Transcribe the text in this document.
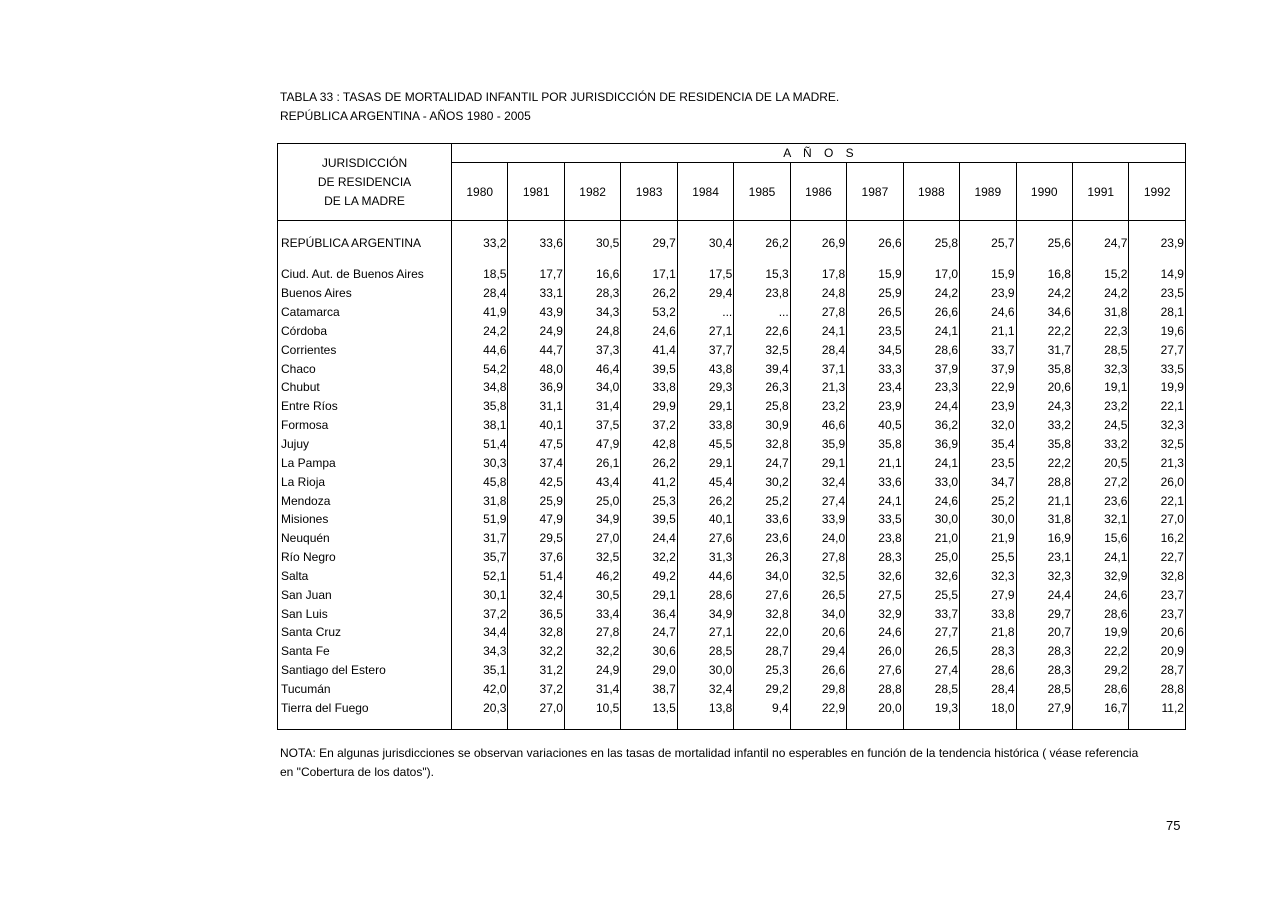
TABLA 33 : TASAS DE MORTALIDAD INFANTIL POR JURISDICCIÓN DE RESIDENCIA DE LA MADRE.
REPÚBLICA ARGENTINA - AÑOS 1980 - 2005
JURISDICCIÓN
DE RESIDENCIA
DE LA MADRE	A Ñ O S												
	1980	1981	1982	1983	1984	1985	1986	1987	1988	1989	1990	1991	1992

REPÚBLICA ARGENTINA	33,2	33,6	30,5	29,7	30,4	26,2	26,9	26,6	25,8	25,7	25,6	24,7	23,9

Ciud. Aut. de Buenos Aires	18,5	17,7	16,6	17,1	17,5	15,3	17,8	15,9	17,0	15,9	16,8	15,2	14,9
Buenos Aires	28,4	33,1	28,3	26,2	29,4	23,8	24,8	25,9	24,2	23,9	24,2	24,2	23,5
Catamarca	41,9	43,9	34,3	53,2	...	...	27,8	26,5	26,6	24,6	34,6	31,8	28,1
Córdoba	24,2	24,9	24,8	24,6	27,1	22,6	24,1	23,5	24,1	21,1	22,2	22,3	19,6
Corrientes	44,6	44,7	37,3	41,4	37,7	32,5	28,4	34,5	28,6	33,7	31,7	28,5	27,7
Chaco	54,2	48,0	46,4	39,5	43,8	39,4	37,1	33,3	37,9	37,9	35,8	32,3	33,5
Chubut	34,8	36,9	34,0	33,8	29,3	26,3	21,3	23,4	23,3	22,9	20,6	19,1	19,9
Entre Ríos	35,8	31,1	31,4	29,9	29,1	25,8	23,2	23,9	24,4	23,9	24,3	23,2	22,1
Formosa	38,1	40,1	37,5	37,2	33,8	30,9	46,6	40,5	36,2	32,0	33,2	24,5	32,3
Jujuy	51,4	47,5	47,9	42,8	45,5	32,8	35,9	35,8	36,9	35,4	35,8	33,2	32,5
La Pampa	30,3	37,4	26,1	26,2	29,1	24,7	29,1	21,1	24,1	23,5	22,2	20,5	21,3
La Rioja	45,8	42,5	43,4	41,2	45,4	30,2	32,4	33,6	33,0	34,7	28,8	27,2	26,0
Mendoza	31,8	25,9	25,0	25,3	26,2	25,2	27,4	24,1	24,6	25,2	21,1	23,6	22,1
Misiones	51,9	47,9	34,9	39,5	40,1	33,6	33,9	33,5	30,0	30,0	31,8	32,1	27,0
Neuquén	31,7	29,5	27,0	24,4	27,6	23,6	24,0	23,8	21,0	21,9	16,9	15,6	16,2
Río Negro	35,7	37,6	32,5	32,2	31,3	26,3	27,8	28,3	25,0	25,5	23,1	24,1	22,7
Salta	52,1	51,4	46,2	49,2	44,6	34,0	32,5	32,6	32,6	32,3	32,3	32,9	32,8
San Juan	30,1	32,4	30,5	29,1	28,6	27,6	26,5	27,5	25,5	27,9	24,4	24,6	23,7
San Luis	37,2	36,5	33,4	36,4	34,9	32,8	34,0	32,9	33,7	33,8	29,7	28,6	23,7
Santa Cruz	34,4	32,8	27,8	24,7	27,1	22,0	20,6	24,6	27,7	21,8	20,7	19,9	20,6
Santa Fe	34,3	32,2	32,2	30,6	28,5	28,7	29,4	26,0	26,5	28,3	28,3	22,2	20,9
Santiago del Estero	35,1	31,2	24,9	29,0	30,0	25,3	26,6	27,6	27,4	28,6	28,3	29,2	28,7
Tucumán	42,0	37,2	31,4	38,7	32,4	29,2	29,8	28,8	28,5	28,4	28,5	28,6	28,8
Tierra del Fuego	20,3	27,0	10,5	13,5	13,8	9,4	22,9	20,0	19,3	18,0	27,9	16,7	11,2

NOTA: En algunas jurisdicciones se observan variaciones en las tasas de mortalidad infantil no esperables en función de la tendencia histórica ( véase referencia
en "Cobertura de los datos").
75
